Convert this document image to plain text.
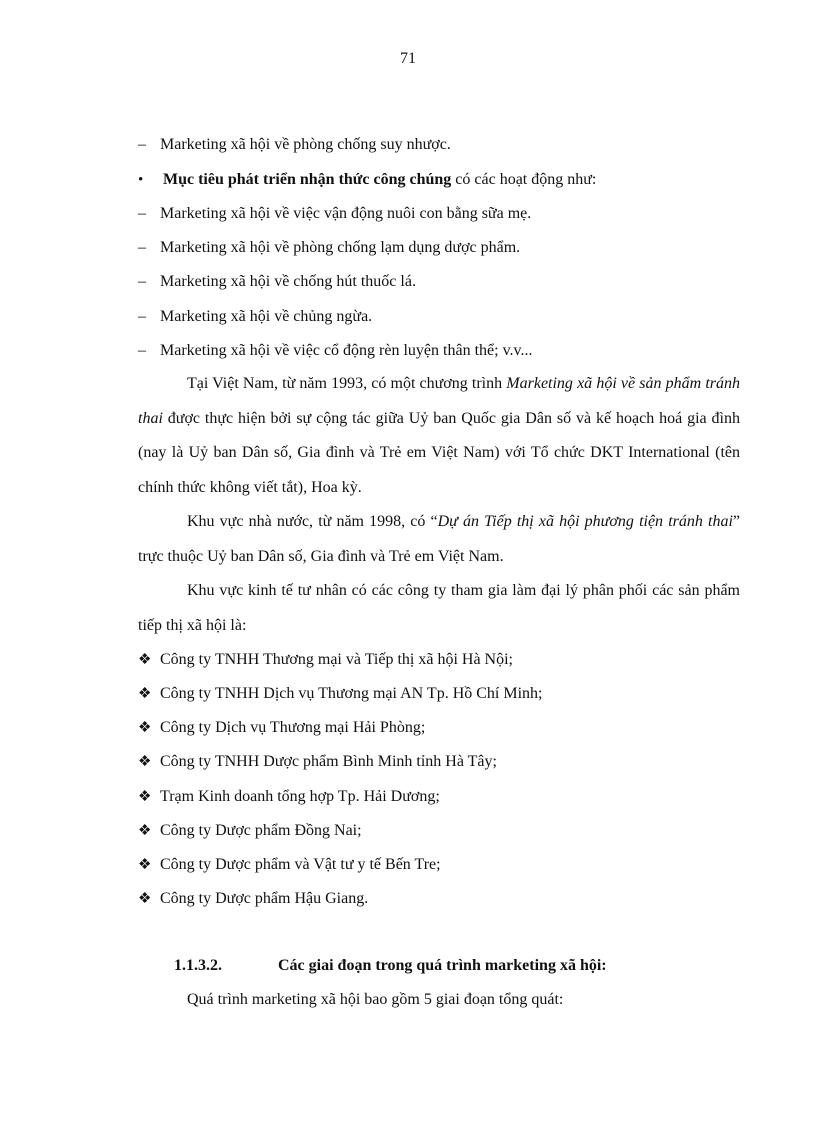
71
– Marketing xã hội về phòng chống suy nhược.
• Mục tiêu phát triển nhận thức công chúng có các hoạt động như:
– Marketing xã hội về việc vận động nuôi con bằng sữa mẹ.
– Marketing xã hội về phòng chống lạm dụng dược phẩm.
– Marketing xã hội về chống hút thuốc lá.
– Marketing xã hội về chủng ngừa.
– Marketing xã hội về việc cổ động rèn luyện thân thể; v.v...
Tại Việt Nam, từ năm 1993, có một chương trình Marketing xã hội về sản phẩm tránh thai được thực hiện bởi sự cộng tác giữa Uỷ ban Quốc gia Dân số và kế hoạch hoá gia đình (nay là Uỷ ban Dân số, Gia đình và Trẻ em Việt Nam) với Tổ chức DKT International (tên chính thức không viết tắt), Hoa kỳ.
Khu vực nhà nước, từ năm 1998, có “Dự án Tiếp thị xã hội phương tiện tránh thai” trực thuộc Uỷ ban Dân số, Gia đình và Trẻ em Việt Nam.
Khu vực kinh tế tư nhân có các công ty tham gia làm đại lý phân phối các sản phẩm tiếp thị xã hội là:
❖ Công ty TNHH Thương mại và Tiếp thị xã hội Hà Nội;
❖ Công ty TNHH Dịch vụ Thương mại AN Tp. Hồ Chí Minh;
❖ Công ty Dịch vụ Thương mại Hải Phòng;
❖ Công ty TNHH Dược phẩm Bình Minh tỉnh Hà Tây;
❖ Trạm Kinh doanh tổng hợp Tp. Hải Dương;
❖ Công ty Dược phẩm Đồng Nai;
❖ Công ty Dược phẩm và Vật tư y tế Bến Tre;
❖ Công ty Dược phẩm Hậu Giang.
1.1.3.2.	Các giai đoạn trong quá trình marketing xã hội:
Quá trình marketing xã hội bao gồm 5 giai đoạn tổng quát:
